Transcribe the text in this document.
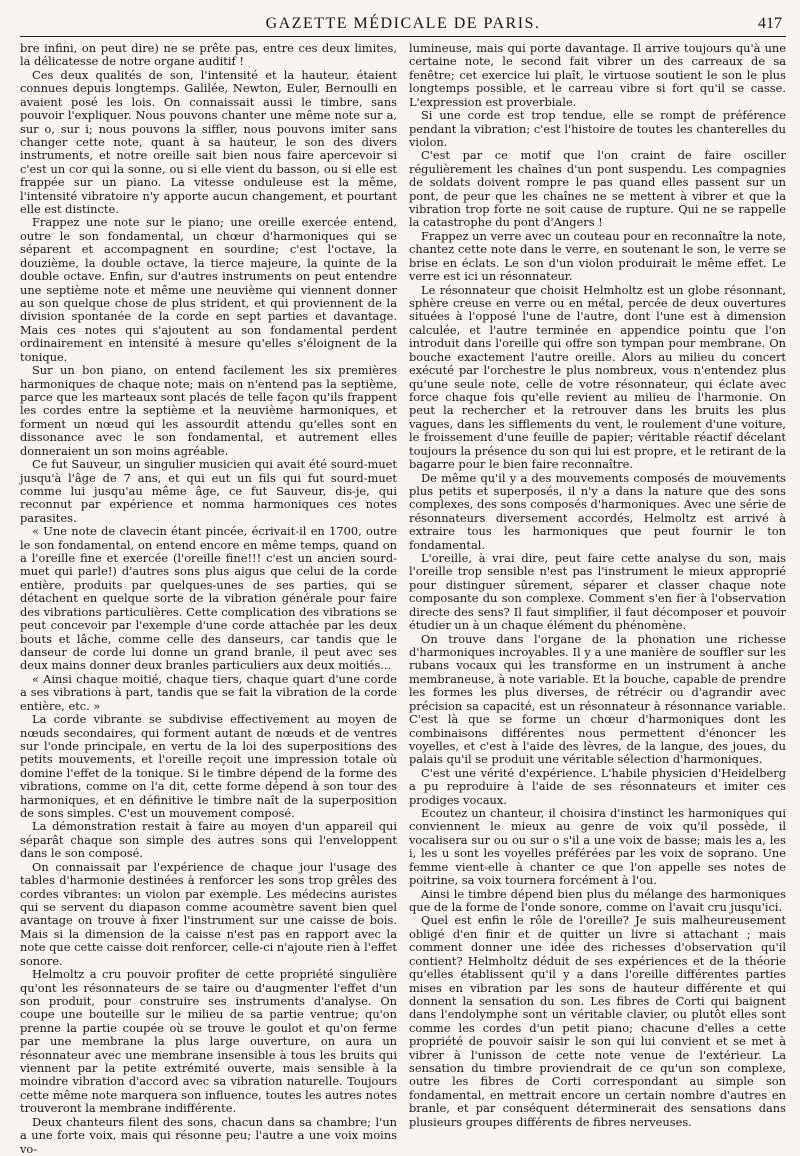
GAZETTE MÉDICALE DE PARIS.	417

bre infini, on peut dire) ne se prête pas, entre ces deux limites, la délicatesse de notre organe auditif !

Ces deux qualités de son, l'intensité et la hauteur, étaient connues depuis longtemps. Galilée, Newton, Euler, Bernoulli en avaient posé les lois. On connaissait aussi le timbre, sans pouvoir l'expliquer. Nous pouvons chanter une même note sur a, sur o, sur i; nous pouvons la siffler, nous pouvons imiter sans changer cette note, quant à sa hauteur, le son des divers instruments, et notre oreille sait bien nous faire apercevoir si c'est un cor qui la sonne, ou si elle vient du basson, ou si elle est frappée sur un piano. La vitesse onduleuse est la même, l'intensité vibratoire n'y apporte aucun changement, et pourtant elle est distincte.

Frappez une note sur le piano; une oreille exercée entend, outre le son fondamental, un chœur d'harmoniques qui se séparent et accompagnent en sourdine; c'est l'octave, la douzième, la double octave, la tierce majeure, la quinte de la double octave. Enfin, sur d'autres instruments on peut entendre une septième note et même une neuvième qui viennent donner au son quelque chose de plus strident, et qui proviennent de la division spontanée de la corde en sept parties et davantage. Mais ces notes qui s'ajoutent au son fondamental perdent ordinairement en intensité à mesure qu'elles s'éloignent de la tonique.

Sur un bon piano, on entend facilement les six premières harmoniques de chaque note; mais on n'entend pas la septième, parce que les marteaux sont placés de telle façon qu'ils frappent les cordes entre la septième et la neuvième harmoniques, et forment un nœud qui les assourdit attendu qu'elles sont en dissonance avec le son fondamental, et autrement elles donneraient un son moins agréable.

Ce fut Sauveur, un singulier musicien qui avait été sourd-muet jusqu'à l'âge de 7 ans, et qui eut un fils qui fut sourd-muet comme lui jusqu'au même âge, ce fut Sauveur, dis-je, qui reconnut par expérience et nomma harmoniques ces notes parasites.

« Une note de clavecin étant pincée, écrivait-il en 1700, outre le son fondamental, on entend encore en même temps, quand on a l'oreille fine et exercée (l'oreille fine!!! c'est un ancien sourd-muet qui parle!) d'autres sons plus aigus que celui de la corde entière, produits par quelques-unes de ses parties, qui se détachent en quelque sorte de la vibration générale pour faire des vibrations particulières. Cette complication des vibrations se peut concevoir par l'exemple d'une corde attachée par les deux bouts et lâche, comme celle des danseurs, car tandis que le danseur de corde lui donne un grand branle, il peut avec ses deux mains donner deux branles particuliers aux deux moitiés...

« Ainsi chaque moitié, chaque tiers, chaque quart d'une corde a ses vibrations à part, tandis que se fait la vibration de la corde entière, etc. »

La corde vibrante se subdivise effectivement au moyen de nœuds secondaires, qui forment autant de nœuds et de ventres sur l'onde principale, en vertu de la loi des superpositions des petits mouvements, et l'oreille reçoit une impression totale où domine l'effet de la tonique. Si le timbre dépend de la forme des vibrations, comme on l'a dit, cette forme dépend à son tour des harmoniques, et en définitive le timbre naît de la superposition de sons simples. C'est un mouvement composé.

La démonstration restait à faire au moyen d'un appareil qui séparât chaque son simple des autres sons qui l'enveloppent dans le son composé.

On connaissait par l'expérience de chaque jour l'usage des tables d'harmonie destinées à renforcer les sons trop grêles des cordes vibrantes: un violon par exemple. Les médecins auristes qui se servent du diapason comme acoumètre savent bien quel avantage on trouve à fixer l'instrument sur une caisse de bois. Mais si la dimension de la caisse n'est pas en rapport avec la note que cette caisse doit renforcer, celle-ci n'ajoute rien à l'effet sonore.

Helmoltz a cru pouvoir profiter de cette propriété singulière qu'ont les résonnateurs de se taire ou d'augmenter l'effet d'un son produit, pour construire ses instruments d'analyse. On coupe une bouteille sur le milieu de sa partie ventrue; qu'on prenne la partie coupée où se trouve le goulot et qu'on ferme par une membrane la plus large ouverture, on aura un résonnateur avec une membrane insensible à tous les bruits qui viennent par la petite extrémité ouverte, mais sensible à la moindre vibration d'accord avec sa vibration naturelle. Toujours cette même note marquera son influence, toutes les autres notes trouveront la membrane indifférente.

Deux chanteurs filent des sons, chacun dans sa chambre; l'un a une forte voix, mais qui résonne peu; l'autre a une voix moins vo-

lumineuse, mais qui porte davantage. Il arrive toujours qu'à une certaine note, le second fait vibrer un des carreaux de sa fenêtre; cet exercice lui plaît, le virtuose soutient le son le plus longtemps possible, et le carreau vibre si fort qu'il se casse. L'expression est proverbiale.

Si une corde est trop tendue, elle se rompt de préférence pendant la vibration; c'est l'histoire de toutes les chanterelles du violon.

C'est par ce motif que l'on craint de faire osciller régulièrement les chaînes d'un pont suspendu. Les compagnies de soldats doivent rompre le pas quand elles passent sur un pont, de peur que les chaînes ne se mettent à vibrer et que la vibration trop forte ne soit cause de rupture. Qui ne se rappelle la catastrophe du pont d'Angers !

Frappez un verre avec un couteau pour en reconnaître la note, chantez cette note dans le verre, en soutenant le son, le verre se brise en éclats. Le son d'un violon produirait le même effet. Le verre est ici un résonnateur.

Le résonnateur que choisit Helmholtz est un globe résonnant, sphère creuse en verre ou en métal, percée de deux ouvertures situées à l'opposé l'une de l'autre, dont l'une est à dimension calculée, et l'autre terminée en appendice pointu que l'on introduit dans l'oreille qui offre son tympan pour membrane. On bouche exactement l'autre oreille. Alors au milieu du concert exécuté par l'orchestre le plus nombreux, vous n'entendez plus qu'une seule note, celle de votre résonnateur, qui éclate avec force chaque fois qu'elle revient au milieu de l'harmonie. On peut la rechercher et la retrouver dans les bruits les plus vagues, dans les sifflements du vent, le roulement d'une voiture, le froissement d'une feuille de papier; véritable réactif décelant toujours la présence du son qui lui est propre, et le retirant de la bagarre pour le bien faire reconnaître.

De même qu'il y a des mouvements composés de mouvements plus petits et superposés, il n'y a dans la nature que des sons complexes, des sons composés d'harmoniques. Avec une série de résonnateurs diversement accordés, Helmoltz est arrivé à extraire tous les harmoniques que peut fournir le ton fondamental.

L'oreille, à vrai dire, peut faire cette analyse du son, mais l'oreille trop sensible n'est pas l'instrument le mieux approprié pour distinguer sûrement, séparer et classer chaque note composante du son complexe. Comment s'en fier à l'observation directe des sens? Il faut simplifier, il faut décomposer et pouvoir étudier un à un chaque élément du phénomène.

On trouve dans l'organe de la phonation une richesse d'harmoniques incroyables. Il y a une manière de souffler sur les rubans vocaux qui les transforme en un instrument à anche membraneuse, à note variable. Et la bouche, capable de prendre les formes les plus diverses, de rétrécir ou d'agrandir avec précision sa capacité, est un résonnateur à résonnance variable. C'est là que se forme un chœur d'harmoniques dont les combinaisons différentes nous permettent d'énoncer les voyelles, et c'est à l'aide des lèvres, de la langue, des joues, du palais qu'il se produit une véritable sélection d'harmoniques.

C'est une vérité d'expérience. L'habile physicien d'Heidelberg a pu reproduire à l'aide de ses résonnateurs et imiter ces prodiges vocaux.

Ecoutez un chanteur, il choisira d'instinct les harmoniques qui conviennent le mieux au genre de voix qu'il possède, il vocalisera sur ou ou sur o s'il a une voix de basse; mais les a, les i, les u sont les voyelles préférées par les voix de soprano. Une femme vient-elle à chanter ce que l'on appelle ses notes de poitrine, sa voix tournera forcément à l'ou.

Ainsi le timbre dépend bien plus du mélange des harmoniques que de la forme de l'onde sonore, comme on l'avait cru jusqu'ici.

Quel est enfin le rôle de l'oreille? Je suis malheureusement obligé d'en finir et de quitter un livre si attachant ; mais comment donner une idée des richesses d'observation qu'il contient? Helmholtz déduit de ses expériences et de la théorie qu'elles établissent qu'il y a dans l'oreille différentes parties mises en vibration par les sons de hauteur différente et qui donnent la sensation du son. Les fibres de Corti qui baignent dans l'endolymphe sont un véritable clavier, ou plutôt elles sont comme les cordes d'un petit piano; chacune d'elles a cette propriété de pouvoir saisir le son qui lui convient et se met à vibrer à l'unisson de cette note venue de l'extérieur. La sensation du timbre proviendrait de ce qu'un son complexe, outre les fibres de Corti correspondant au simple son fondamental, en mettrait encore un certain nombre d'autres en branle, et par conséquent déterminerait des sensations dans plusieurs groupes différents de fibres nerveuses.
